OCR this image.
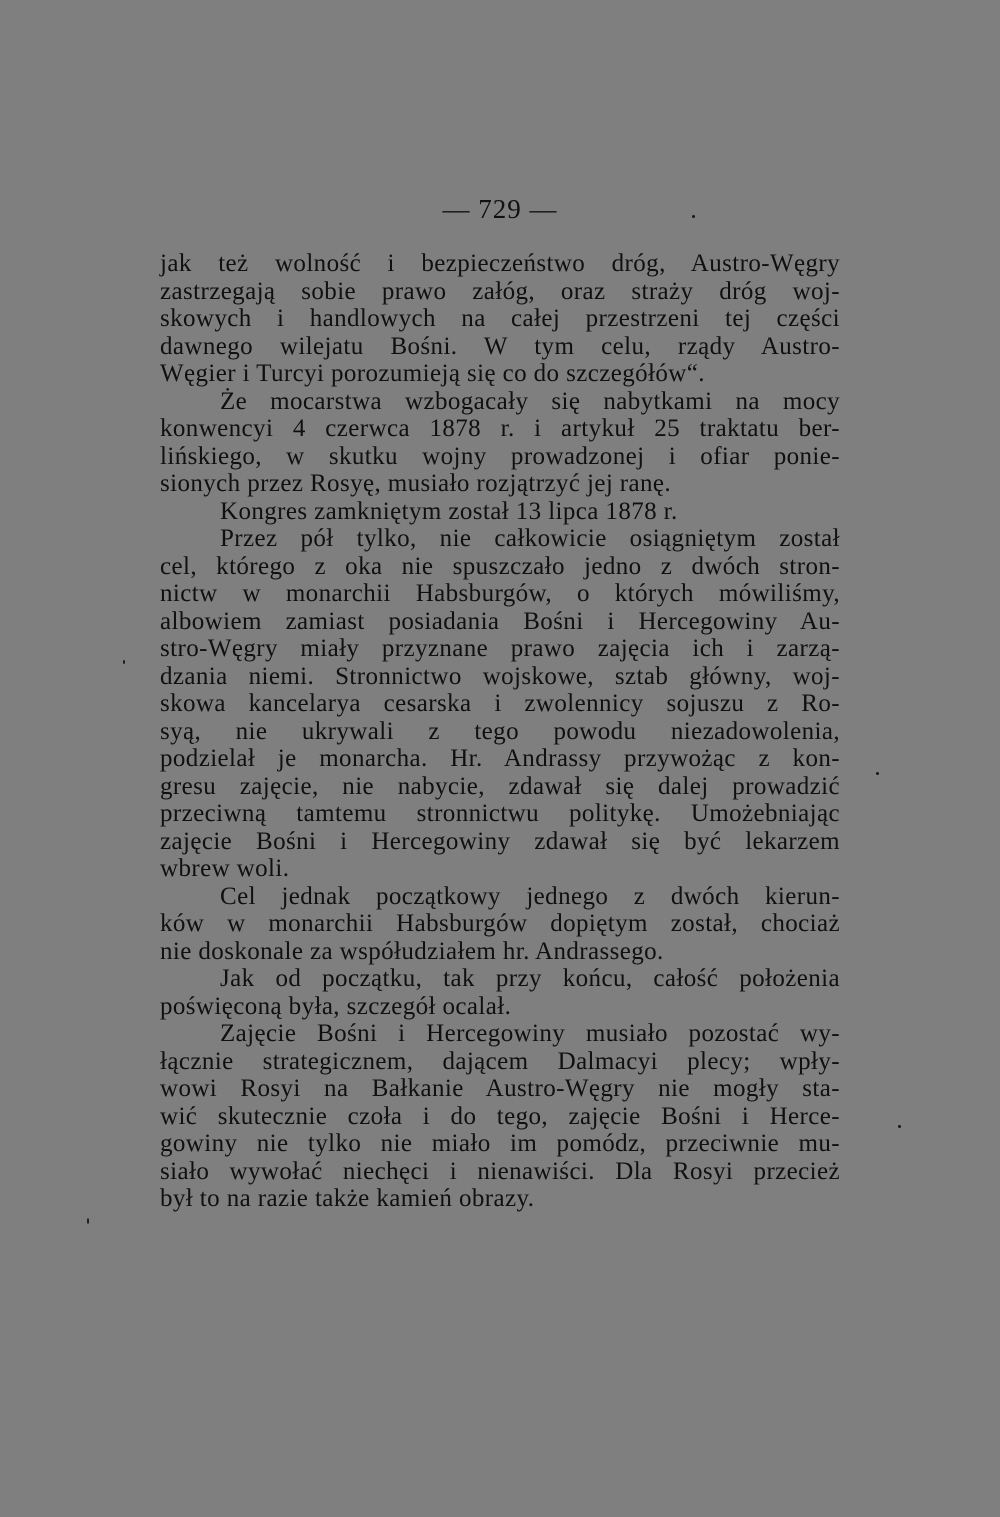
— 729 —
jak też wolność i bezpieczeństwo dróg, Austro-Węgry
zastrzegają sobie prawo załóg, oraz straży dróg woj-
skowych i handlowych na całej przestrzeni tej części
dawnego wilejatu Bośni. W tym celu, rządy Austro-
Węgier i Turcyi porozumieją się co do szczegółów“.
Że mocarstwa wzbogacały się nabytkami na mocy
konwencyi 4 czerwca 1878 r. i artykuł 25 traktatu ber-
lińskiego, w skutku wojny prowadzonej i ofiar ponie-
sionych przez Rosyę, musiało rozjątrzyć jej ranę.
Kongres zamkniętym został 13 lipca 1878 r.
Przez pół tylko, nie całkowicie osiągniętym został
cel, którego z oka nie spuszczało jedno z dwóch stron-
nictw w monarchii Habsburgów, o których mówiliśmy,
albowiem zamiast posiadania Bośni i Hercegowiny Au-
stro-Węgry miały przyznane prawo zajęcia ich i zarzą-
dzania niemi. Stronnictwo wojskowe, sztab główny, woj-
skowa kancelarya cesarska i zwolennicy sojuszu z Ro-
syą, nie ukrywali z tego powodu niezadowolenia,
podzielał je monarcha. Hr. Andrassy przywożąc z kon-
gresu zajęcie, nie nabycie, zdawał się dalej prowadzić
przeciwną tamtemu stronnictwu politykę. Umożebniając
zajęcie Bośni i Hercegowiny zdawał się być lekarzem
wbrew woli.
Cel jednak początkowy jednego z dwóch kierun-
ków w monarchii Habsburgów dopiętym został, chociaż
nie doskonale za współudziałem hr. Andrassego.
Jak od początku, tak przy końcu, całość położenia
poświęconą była, szczegół ocalał.
Zajęcie Bośni i Hercegowiny musiało pozostać wy-
łącznie strategicznem, dającem Dalmacyi plecy; wpły-
wowi Rosyi na Bałkanie Austro-Węgry nie mogły sta-
wić skutecznie czoła i do tego, zajęcie Bośni i Herce-
gowiny nie tylko nie miało im pomódz, przeciwnie mu-
siało wywołać niechęci i nienawiści. Dla Rosyi przecież
był to na razie także kamień obrazy.
